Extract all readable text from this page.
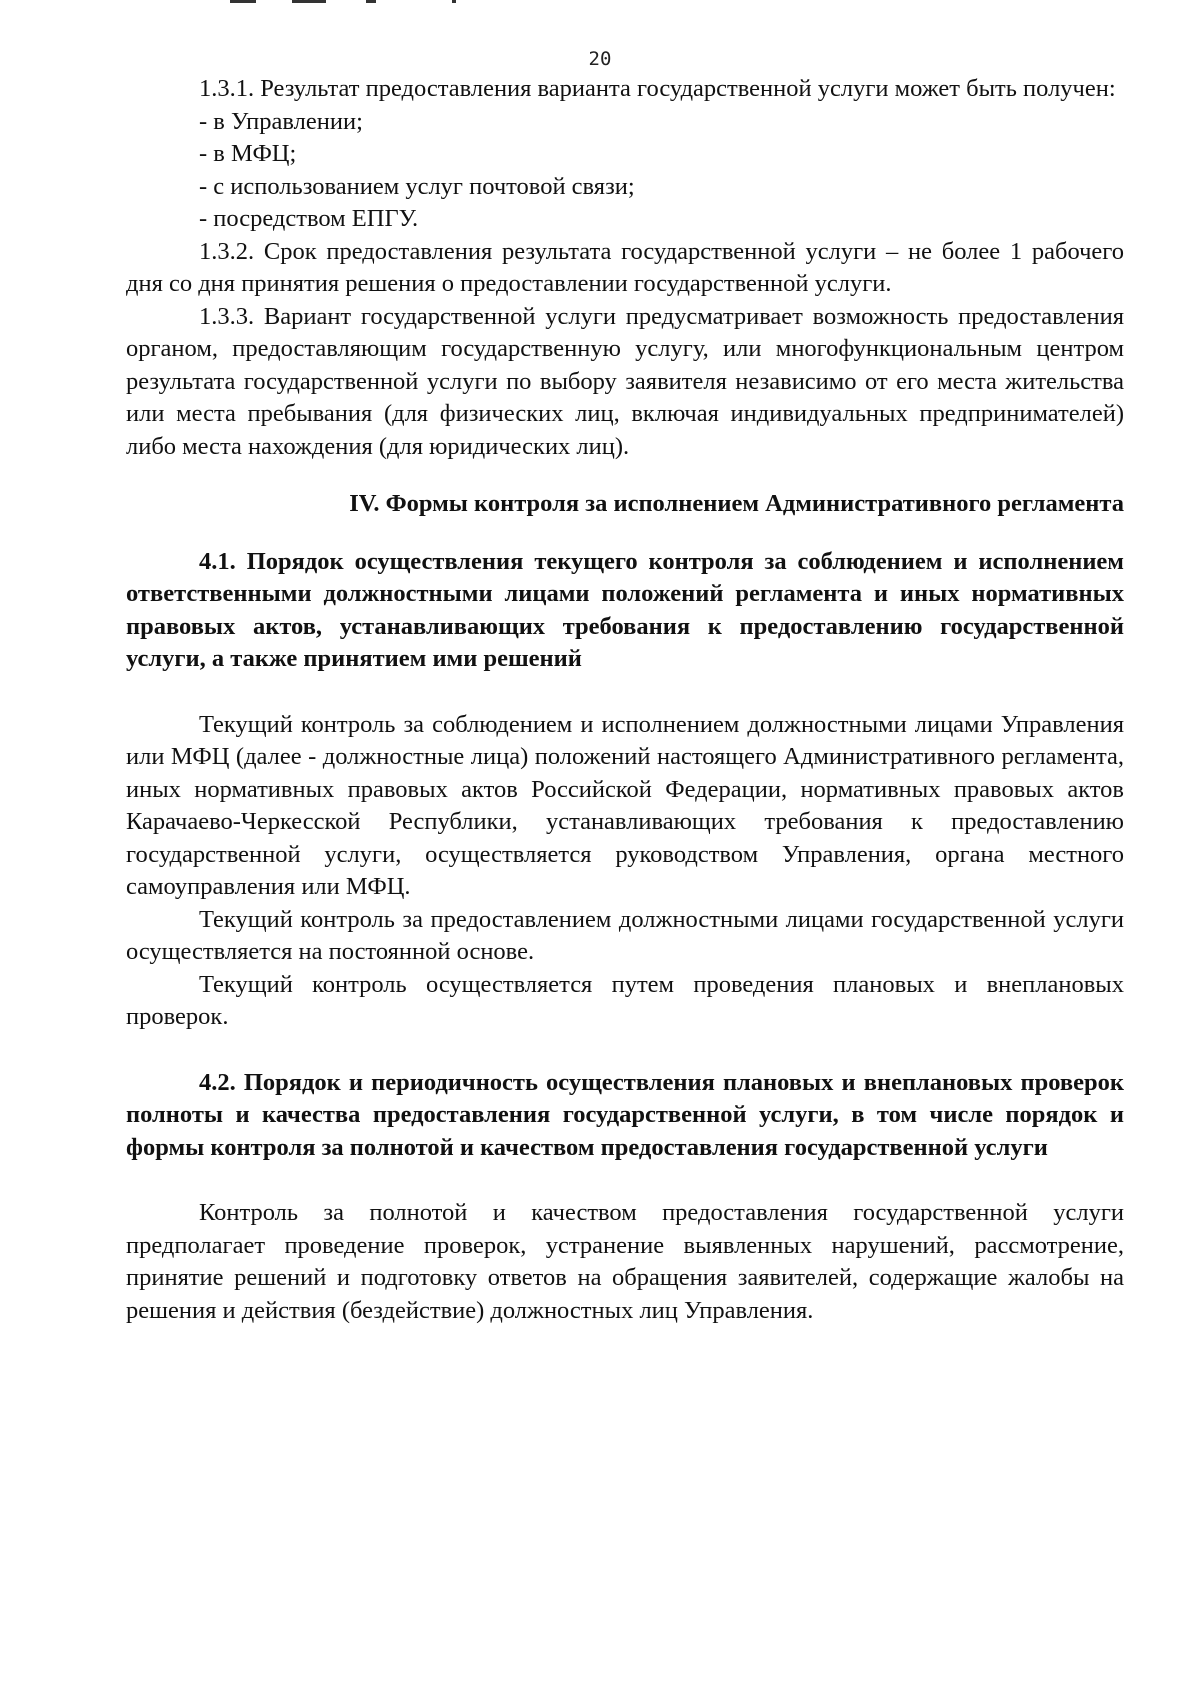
20

1.3.1. Результат предоставления варианта государственной услуги может быть получен:

- в Управлении;

- в МФЦ;

- с использованием услуг почтовой связи;

- посредством ЕПГУ.

1.3.2. Срок предоставления результата государственной услуги – не более 1 рабочего дня со дня принятия решения о предоставлении государственной услуги.

1.3.3. Вариант государственной услуги предусматривает возможность предоставления органом, предоставляющим государственную услугу, или многофункциональным центром результата государственной услуги по выбору заявителя независимо от его места жительства или места пребывания (для физических лиц, включая индивидуальных предпринимателей) либо места нахождения (для юридических лиц).

IV. Формы контроля за исполнением Административного регламента

4.1. Порядок осуществления текущего контроля за соблюдением и исполнением ответственными должностными лицами положений регламента и иных нормативных правовых актов, устанавливающих требования к предоставлению государственной услуги, а также принятием ими решений

Текущий контроль за соблюдением и исполнением должностными лицами Управления или МФЦ (далее - должностные лица) положений настоящего Административного регламента, иных нормативных правовых актов Российской Федерации, нормативных правовых актов Карачаево-Черкесской Республики, устанавливающих требования к предоставлению государственной услуги, осуществляется руководством Управления, органа местного самоуправления или МФЦ.

Текущий контроль за предоставлением должностными лицами государственной услуги осуществляется на постоянной основе.

Текущий контроль осуществляется путем проведения плановых и внеплановых проверок.

4.2. Порядок и периодичность осуществления плановых и внеплановых проверок полноты и качества предоставления государственной услуги, в том числе порядок и формы контроля за полнотой и качеством предоставления государственной услуги

Контроль за полнотой и качеством предоставления государственной услуги предполагает проведение проверок, устранение выявленных нарушений, рассмотрение, принятие решений и подготовку ответов на обращения заявителей, содержащие жалобы на решения и действия (бездействие) должностных лиц Управления.
